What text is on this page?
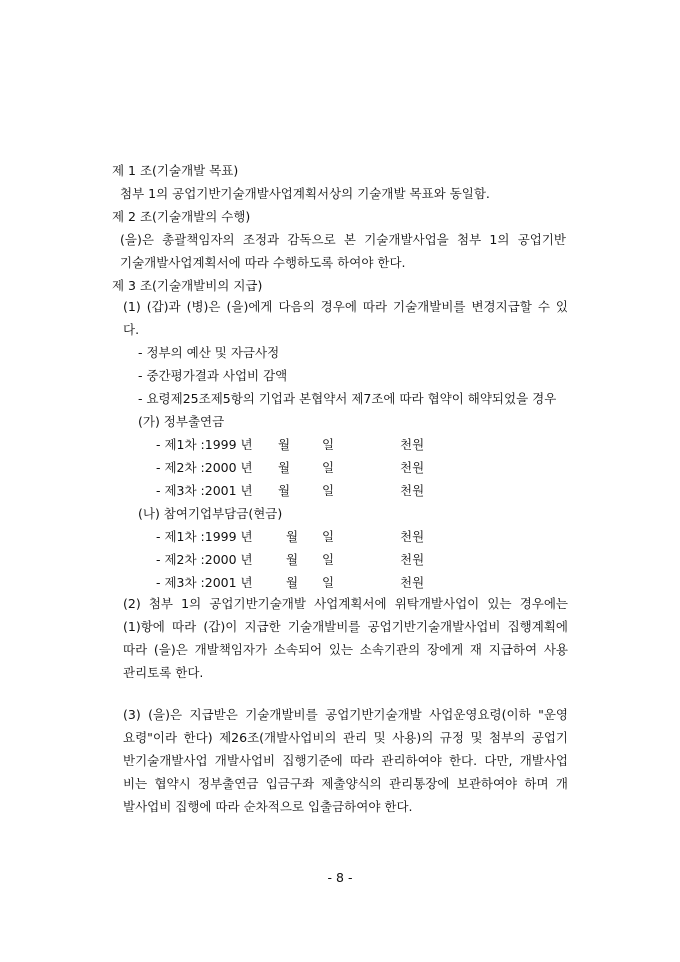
제 1 조(기술개발 목표)
첨부 1의 공업기반기술개발사업계획서상의 기술개발 목표와 동일함.
제 2 조(기술개발의 수행)
(을)은 총괄책임자의 조정과 감독으로 본 기술개발사업을 첨부 1의 공업기반
기술개발사업계획서에 따라 수행하도록 하여야 한다.
제 3 조(기술개발비의 지급)
(1) (갑)과 (병)은 (을)에게 다음의 경우에 따라 기술개발비를 변경지급할 수 있
다.
- 정부의 예산 및 자금사정
- 중간평가결과 사업비 감액
- 요령제25조제5항의 기업과 본협약서 제7조에 따라 협약이 해약되었을 경우
(가) 정부출연금
- 제1차 :1999 년 월	일	천원
- 제2차 :2000 년 월	일	천원
- 제3차 :2001 년 월	일	천원
(나) 참여기업부담금(현금)
- 제1차 :1999 년	월 일	천원
- 제2차 :2000 년	월 일	천원
- 제3차 :2001 년	월 일	천원
(2) 첨부 1의 공업기반기술개발 사업계획서에 위탁개발사업이 있는 경우에는
(1)항에 따라 (갑)이 지급한 기술개발비를 공업기반기술개발사업비 집행계획에
따라 (을)은 개발책임자가 소속되어 있는 소속기관의 장에게 재 지급하여 사용
관리토록 한다.
(3) (을)은 지급받은 기술개발비를 공업기반기술개발 사업운영요령(이하 "운영
요령"이라 한다) 제26조(개발사업비의 관리 및 사용)의 규정 및 첨부의 공업기
반기술개발사업 개발사업비 집행기준에 따라 관리하여야 한다. 다만, 개발사업
비는 협약시 정부출연금 입금구좌 제출양식의 관리통장에 보관하여야 하며 개
발사업비 집행에 따라 순차적으로 입출금하여야 한다.
- 8 -
